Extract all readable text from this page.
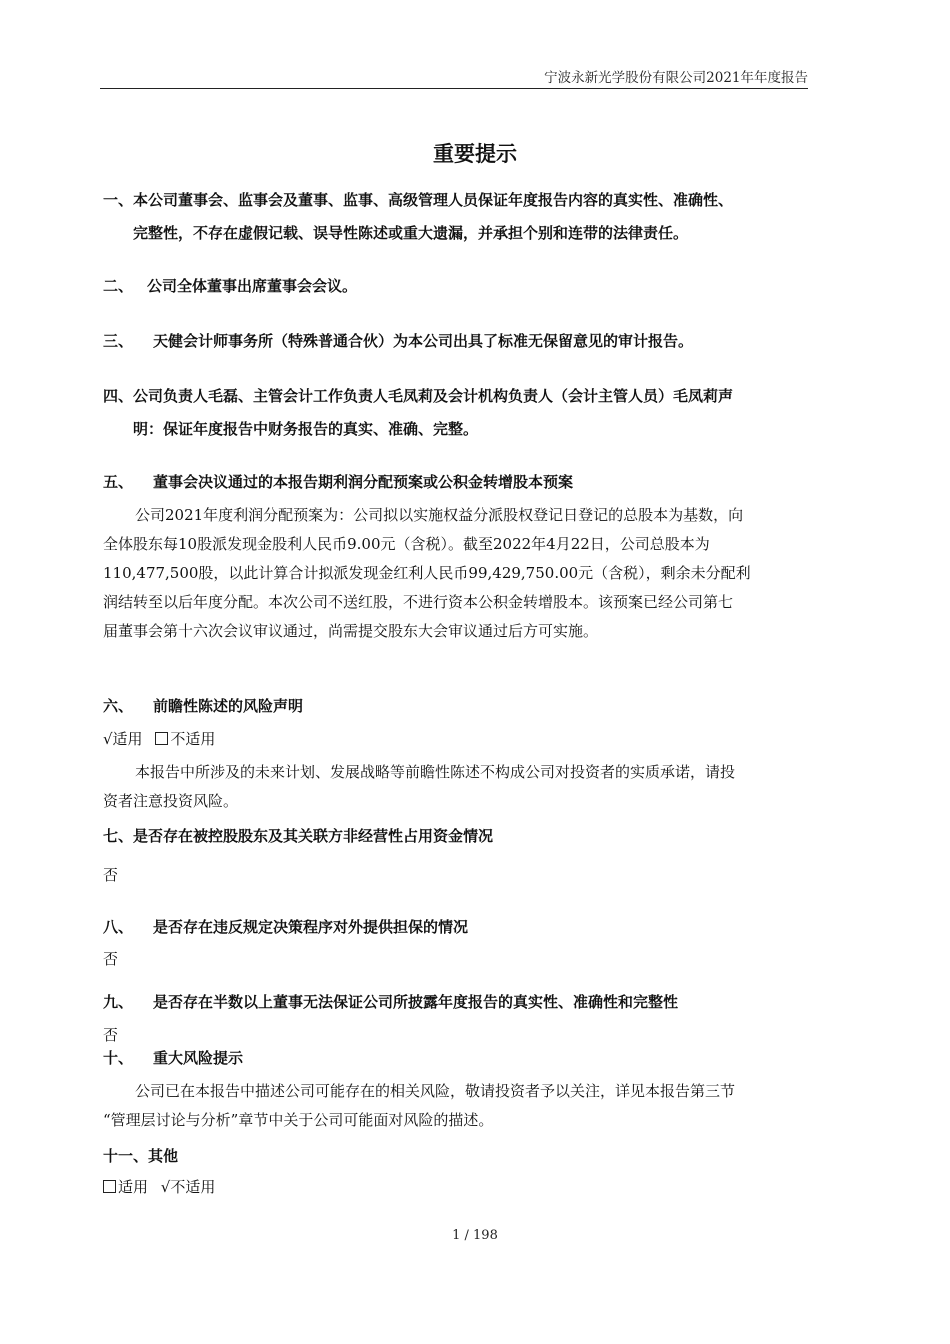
宁波永新光学股份有限公司2021年年度报告
重要提示
一、本公司董事会、监事会及董事、监事、高级管理人员保证年度报告内容的真实性、准确性、
完整性，不存在虚假记载、误导性陈述或重大遗漏，并承担个别和连带的法律责任。
二、 公司全体董事出席董事会会议。
三、 天健会计师事务所（特殊普通合伙）为本公司出具了标准无保留意见的审计报告。
四、公司负责人毛磊、主管会计工作负责人毛凤莉及会计机构负责人（会计主管人员）毛凤莉声
明：保证年度报告中财务报告的真实、准确、完整。
五、 董事会决议通过的本报告期利润分配预案或公积金转增股本预案
公司2021年度利润分配预案为：公司拟以实施权益分派股权登记日登记的总股本为基数，向
全体股东每10股派发现金股利人民币9.00元（含税）。截至2022年4月22日，公司总股本为
110,477,500股，以此计算合计拟派发现金红利人民币99,429,750.00元（含税），剩余未分配利
润结转至以后年度分配。本次公司不送红股，不进行资本公积金转增股本。该预案已经公司第七
届董事会第十六次会议审议通过，尚需提交股东大会审议通过后方可实施。
六、 前瞻性陈述的风险声明
√适用 不适用
本报告中所涉及的未来计划、发展战略等前瞻性陈述不构成公司对投资者的实质承诺，请投
资者注意投资风险。
七、是否存在被控股股东及其关联方非经营性占用资金情况
否
八、 是否存在违反规定决策程序对外提供担保的情况
否
九、 是否存在半数以上董事无法保证公司所披露年度报告的真实性、准确性和完整性
否
十、 重大风险提示
公司已在本报告中描述公司可能存在的相关风险，敬请投资者予以关注，详见本报告第三节
“管理层讨论与分析”章节中关于公司可能面对风险的描述。
十一、其他
适用 √不适用
1 / 198
